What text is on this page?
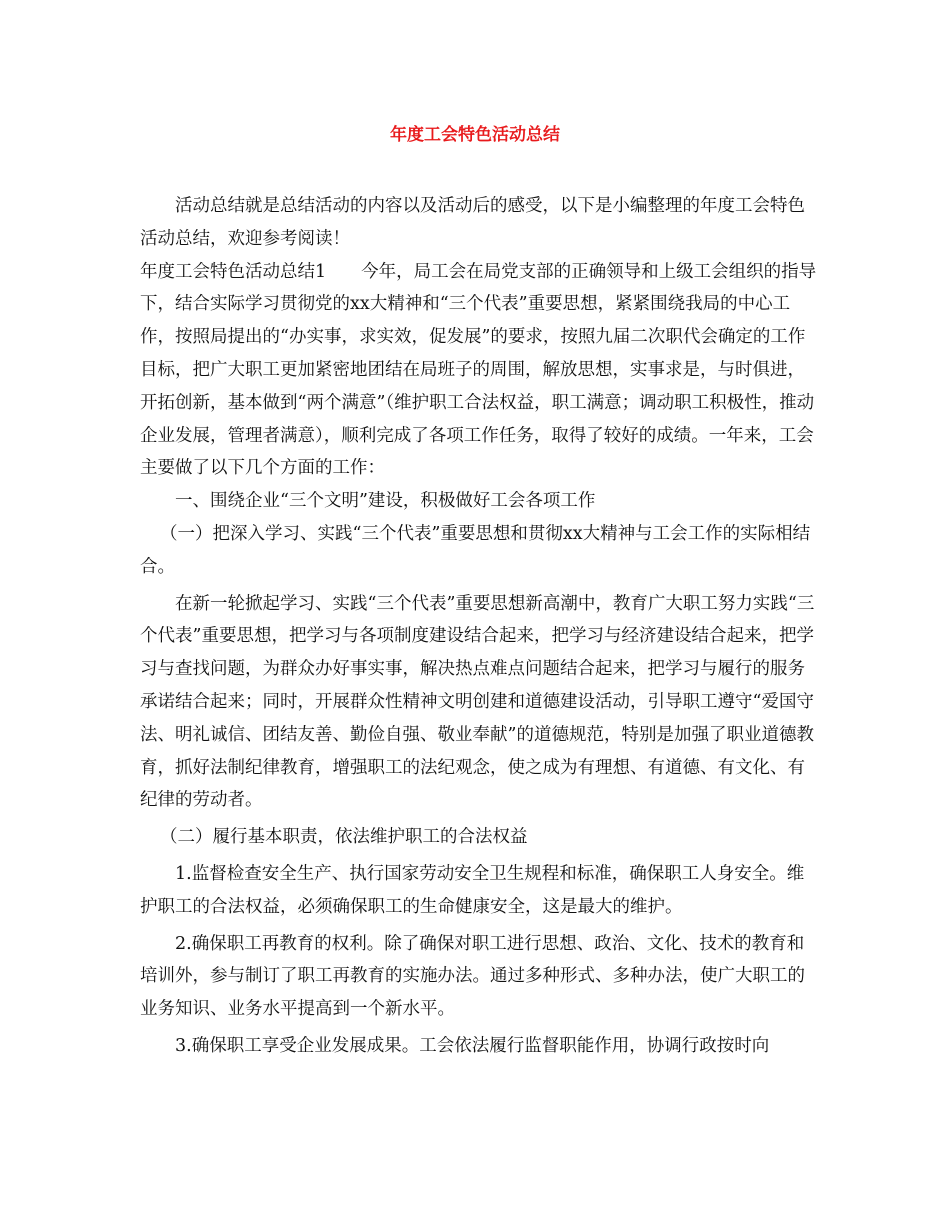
年度工会特色活动总结

活动总结就是总结活动的内容以及活动后的感受，以下是小编整理的年度工会特色活动总结，欢迎参考阅读！

年度工会特色活动总结1　　今年，局工会在局党支部的正确领导和上级工会组织的指导下，结合实际学习贯彻党的xx大精神和“三个代表”重要思想，紧紧围绕我局的中心工作，按照局提出的“办实事，求实效，促发展”的要求，按照九届二次职代会确定的工作目标，把广大职工更加紧密地团结在局班子的周围，解放思想，实事求是，与时俱进，开拓创新，基本做到“两个满意”（维护职工合法权益，职工满意；调动职工积极性，推动企业发展，管理者满意），顺利完成了各项工作任务，取得了较好的成绩。一年来，工会主要做了以下几个方面的工作：

一、围绕企业“三个文明”建设，积极做好工会各项工作

（一）把深入学习、实践“三个代表”重要思想和贯彻xx大精神与工会工作的实际相结合。

在新一轮掀起学习、实践“三个代表”重要思想新高潮中，教育广大职工努力实践“三个代表”重要思想，把学习与各项制度建设结合起来，把学习与经济建设结合起来，把学习与查找问题，为群众办好事实事，解决热点难点问题结合起来，把学习与履行的服务承诺结合起来；同时，开展群众性精神文明创建和道德建设活动，引导职工遵守“爱国守法、明礼诚信、团结友善、勤俭自强、敬业奉献”的道德规范，特别是加强了职业道德教育，抓好法制纪律教育，增强职工的法纪观念，使之成为有理想、有道德、有文化、有纪律的劳动者。

（二）履行基本职责，依法维护职工的合法权益

1.监督检查安全生产、执行国家劳动安全卫生规程和标准，确保职工人身安全。维护职工的合法权益，必须确保职工的生命健康安全，这是最大的维护。

2.确保职工再教育的权利。除了确保对职工进行思想、政治、文化、技术的教育和培训外，参与制订了职工再教育的实施办法。通过多种形式、多种办法，使广大职工的业务知识、业务水平提高到一个新水平。

3.确保职工享受企业发展成果。工会依法履行监督职能作用，协调行政按时向
